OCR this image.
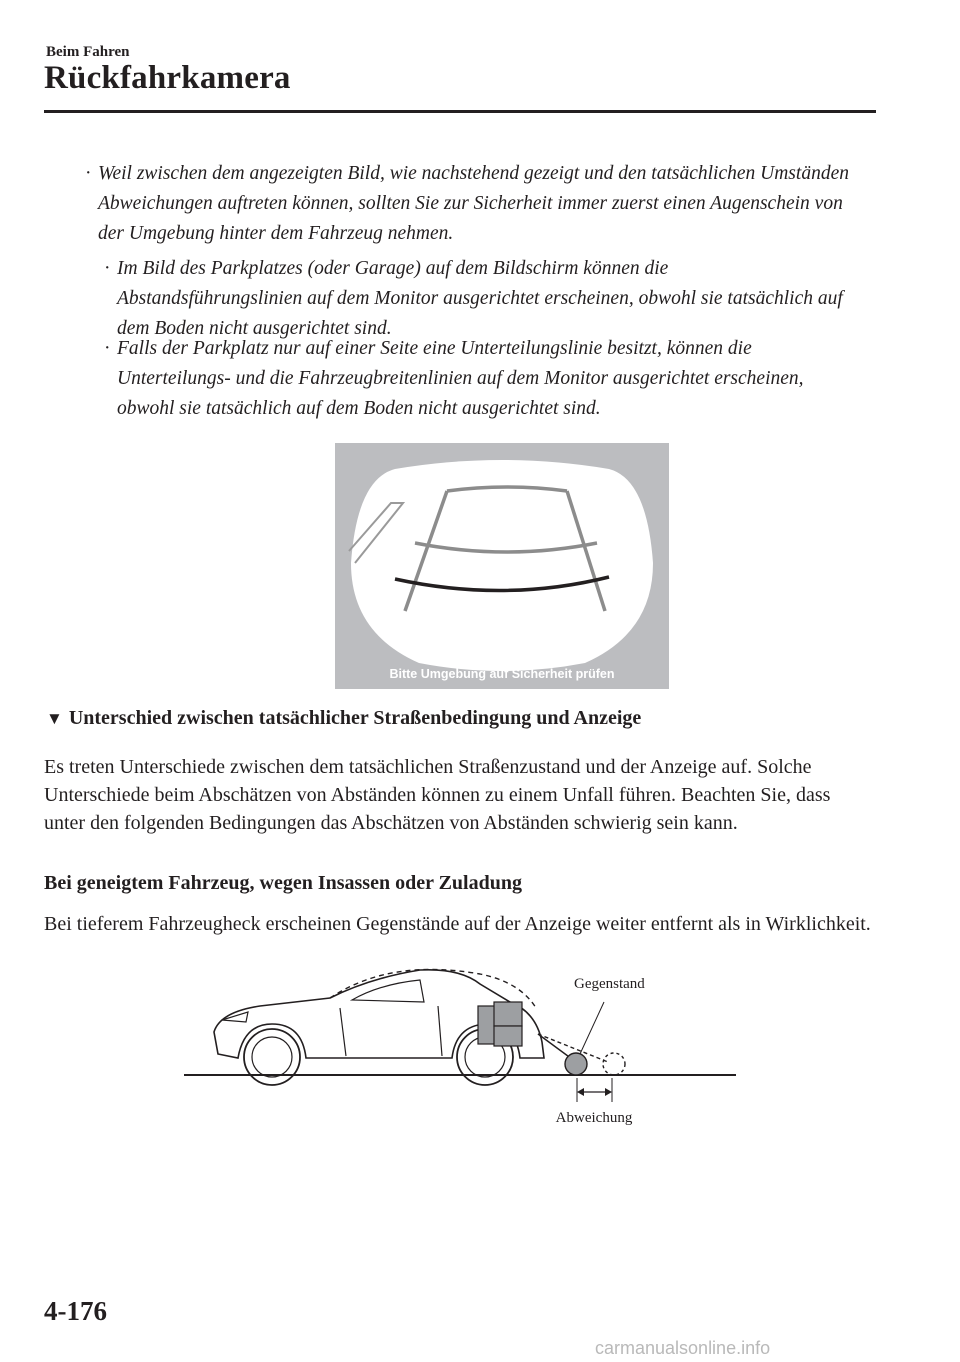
Beim Fahren
Rückfahrkamera
· Weil zwischen dem angezeigten Bild, wie nachstehend gezeigt und den tatsächlichen Umständen Abweichungen auftreten können, sollten Sie zur Sicherheit immer zuerst einen Augenschein von der Umgebung hinter dem Fahrzeug nehmen.
· Im Bild des Parkplatzes (oder Garage) auf dem Bildschirm können die Abstandsführungslinien auf dem Monitor ausgerichtet erscheinen, obwohl sie tatsächlich auf dem Boden nicht ausgerichtet sind.
· Falls der Parkplatz nur auf einer Seite eine Unterteilungslinie besitzt, können die Unterteilungs- und die Fahrzeugbreitenlinien auf dem Monitor ausgerichtet erscheinen, obwohl sie tatsächlich auf dem Boden nicht ausgerichtet sind.
Bitte Umgebung auf Sicherheit prüfen
▼ Unterschied zwischen tatsächlicher Straßenbedingung und Anzeige
Es treten Unterschiede zwischen dem tatsächlichen Straßenzustand und der Anzeige auf. Solche Unterschiede beim Abschätzen von Abständen können zu einem Unfall führen. Beachten Sie, dass unter den folgenden Bedingungen das Abschätzen von Abständen schwierig sein kann.
Bei geneigtem Fahrzeug, wegen Insassen oder Zuladung
Bei tieferem Fahrzeugheck erscheinen Gegenstände auf der Anzeige weiter entfernt als in Wirklichkeit.
Gegenstand
Abweichung
4-176
carmanualsonline.info
